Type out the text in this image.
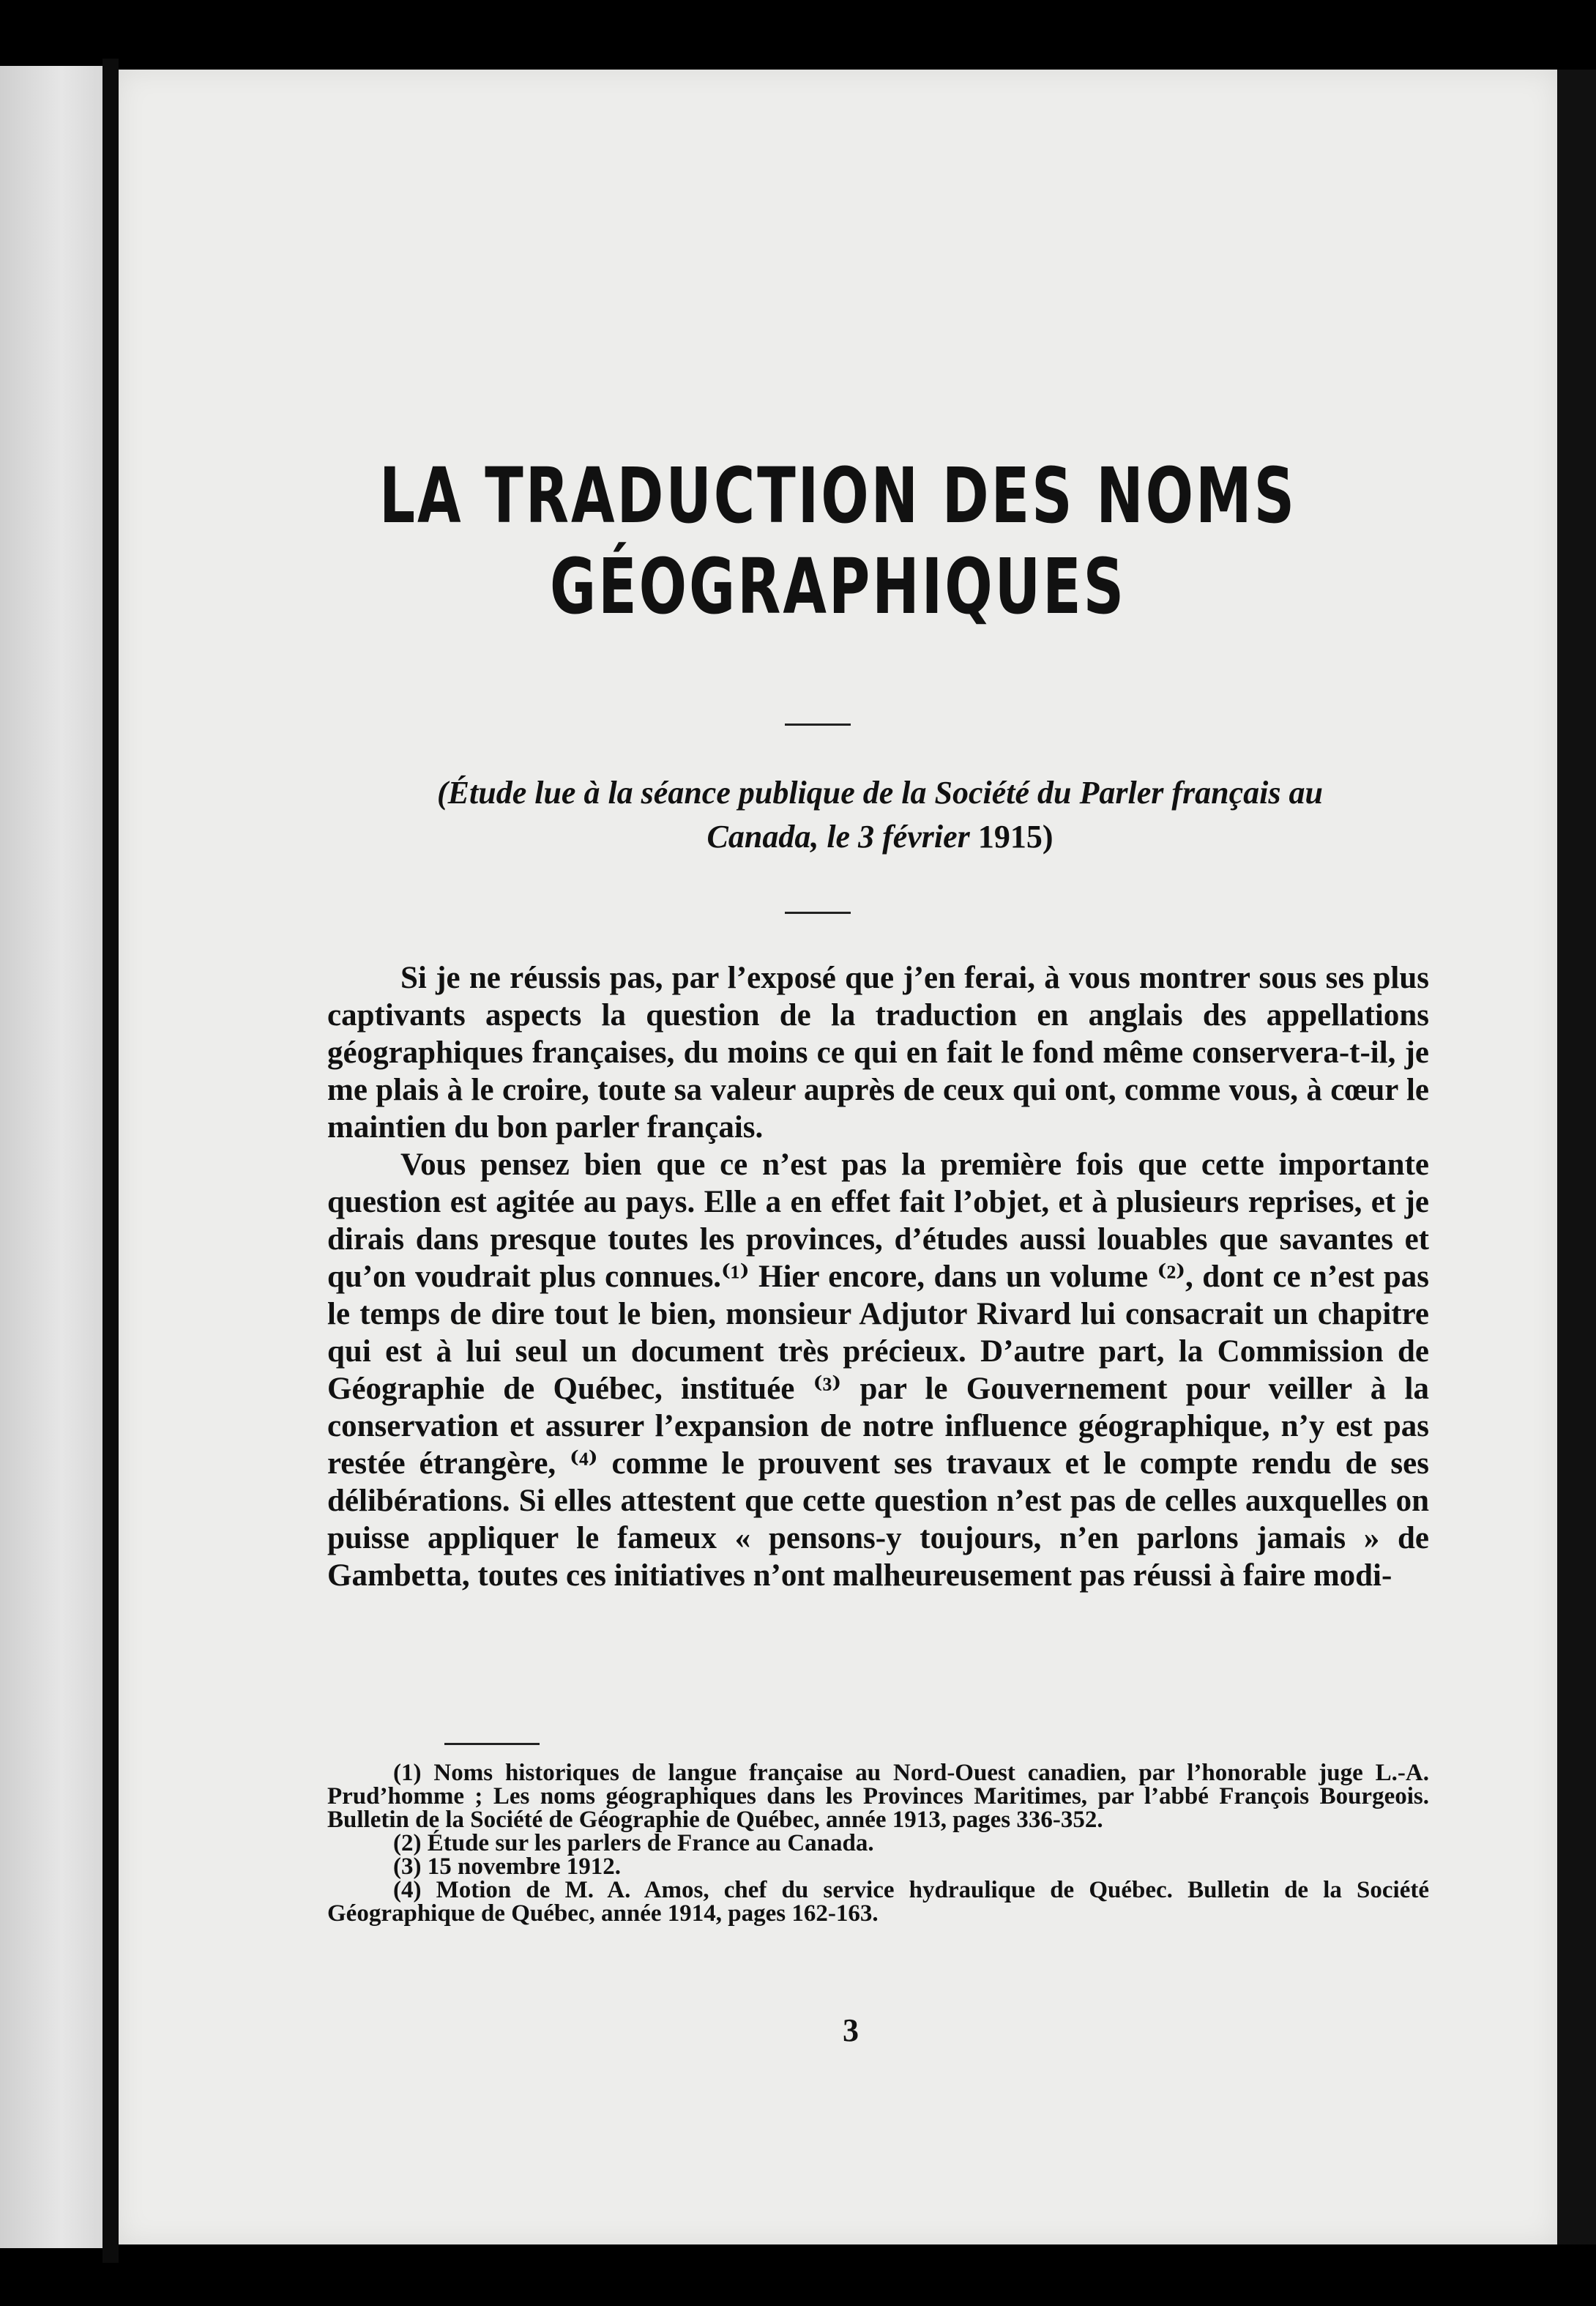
LA TRADUCTION DES NOMS
GÉOGRAPHIQUES
(Étude lue à la séance publique de la Société du Parler français au
Canada, le 3 février 1915)

Si je ne réussis pas, par l’exposé que j’en ferai, à vous montrer sous ses plus captivants aspects la question de la traduction en anglais des appellations géographiques françaises, du moins ce qui en fait le fond même conservera-t-il, je me plais à le croire, toute sa valeur auprès de ceux qui ont, comme vous, à cœur le maintien du bon parler français.

Vous pensez bien que ce n’est pas la première fois que cette importante question est agitée au pays. Elle a en effet fait l’objet, et à plusieurs reprises, et je dirais dans presque toutes les provinces, d’études aussi louables que savantes et qu’on voudrait plus connues.⁽¹⁾ Hier encore, dans un volume ⁽²⁾, dont ce n’est pas le temps de dire tout le bien, monsieur Adjutor Rivard lui consacrait un chapitre qui est à lui seul un document très précieux. D’autre part, la Commission de Géographie de Québec, instituée ⁽³⁾ par le Gouvernement pour veiller à la conservation et assurer l’expansion de notre influence géographique, n’y est pas restée étrangère, ⁽⁴⁾ comme le prouvent ses travaux et le compte rendu de ses délibérations. Si elles attestent que cette question n’est pas de celles auxquelles on puisse appliquer le fameux « pensons-y toujours, n’en parlons jamais » de Gambetta, toutes ces initiatives n’ont malheureusement pas réussi à faire modi-

(1) Noms historiques de langue française au Nord-Ouest canadien, par l’honorable juge L.-A. Prud’homme ; Les noms géographiques dans les Provinces Maritimes, par l’abbé François Bourgeois. Bulletin de la Société de Géographie de Québec, année 1913, pages 336-352.

(2) Étude sur les parlers de France au Canada.

(3) 15 novembre 1912.

(4) Motion de M. A. Amos, chef du service hydraulique de Québec. Bulletin de la Société Géographique de Québec, année 1914, pages 162-163.

3
